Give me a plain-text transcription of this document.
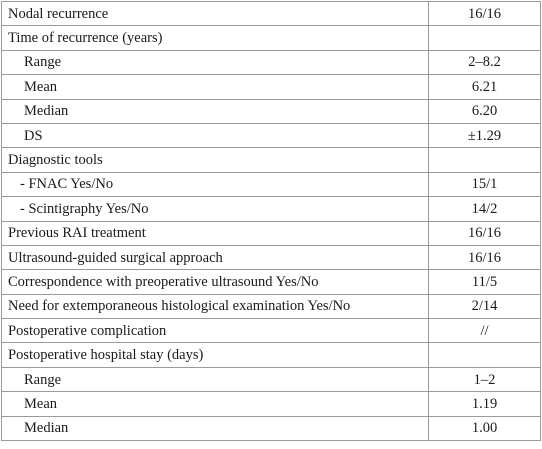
Nodal recurrence	16/16
Time of recurrence (years)	
Range	2–8.2
Mean	6.21
Median	6.20
DS	±1.29
Diagnostic tools	
- FNAC Yes/No	15/1
- Scintigraphy Yes/No	14/2
Previous RAI treatment	16/16
Ultrasound-guided surgical approach	16/16
Correspondence with preoperative ultrasound Yes/No	11/5
Need for extemporaneous histological examination Yes/No	2/14
Postoperative complication	//
Postoperative hospital stay (days)	
Range	1–2
Mean	1.19
Median	1.00
